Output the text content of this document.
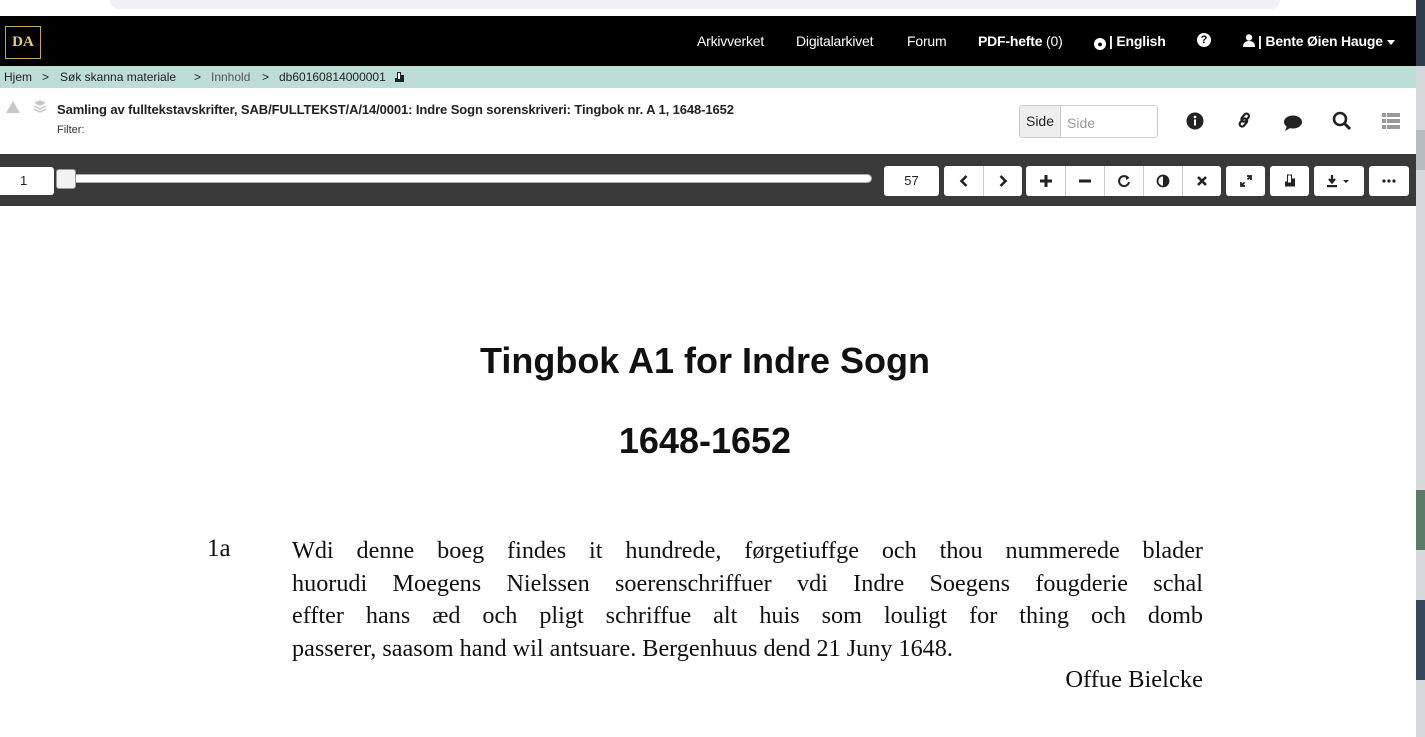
DA	Arkivverket Digitalarkivet Forum PDF-hefte (0)	● | English	?	| Bente Øien Hauge
Hjem > Søk skanna materiale > Innhold > db60160814000001
Samling av fulltekstavskrifter, SAB/FULLTEKST/A/14/0001: Indre Sogn sorenskriveri: Tingbok nr. A 1, 1648-1652
Filter:
Side
Side
1	57
Tingbok A1 for Indre Sogn
1648-1652
1a	Wdi denne boeg findes it hundrede, førgetiuffge och thou nummerede blader
huorudi Moegens Nielssen soerenschriffuer vdi Indre Soegens fougderie schal
effter hans æd och pligt schriffue alt huis som louligt for thing och domb
passerer, saasom hand wil antsuare. Bergenhuus dend 21 Juny 1648.
Offue Bielcke
